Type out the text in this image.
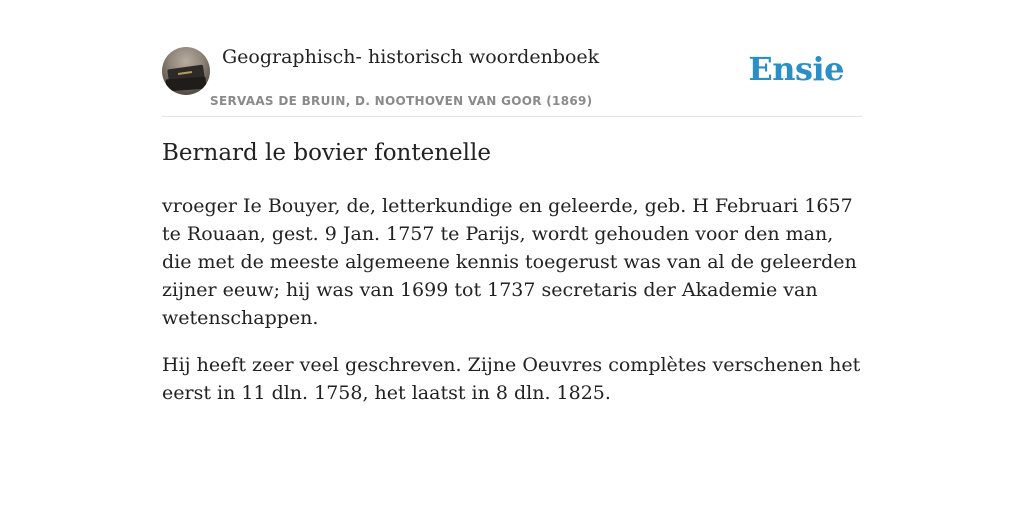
Geographisch- historisch woordenboek
SERVAAS DE BRUIN, D. NOOTHOVEN VAN GOOR (1869)
Ensie
Bernard le bovier fontenelle

vroeger Ie Bouyer, de, letterkundige en geleerde, geb. H Februari 1657 te Rouaan, gest. 9 Jan. 1757 te Parijs, wordt gehouden voor den man, die met de meeste algemeene kennis toegerust was van al de geleerden zijner eeuw; hij was van 1699 tot 1737 secretaris der Akademie van wetenschappen.

Hij heeft zeer veel geschreven. Zijne Oeuvres complètes verschenen het eerst in 11 dln. 1758, het laatst in 8 dln. 1825.
